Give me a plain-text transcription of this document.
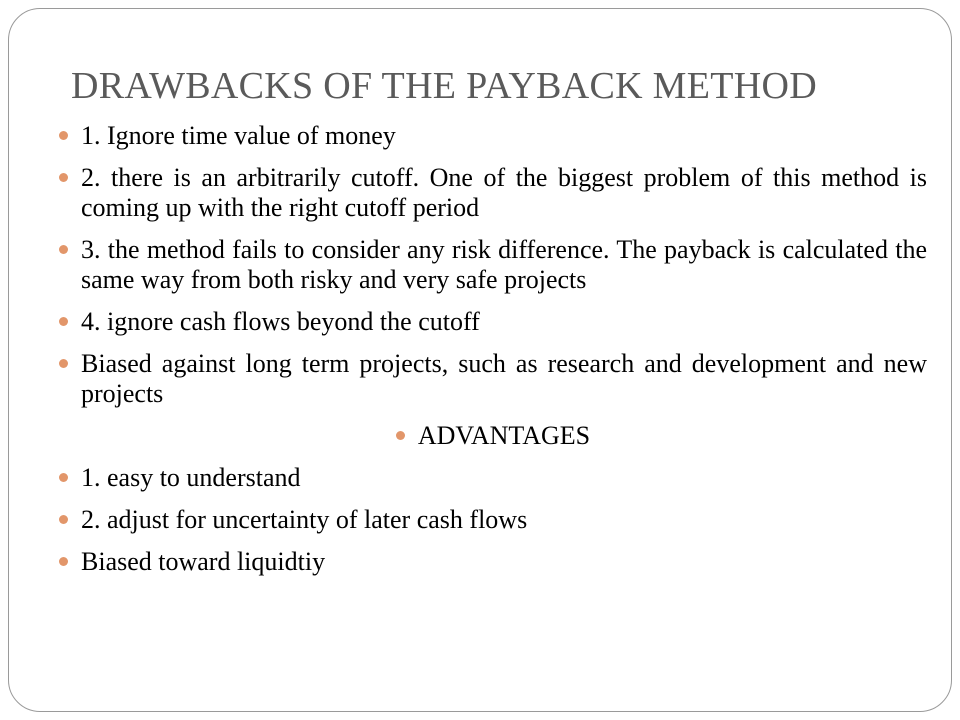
DRAWBACKS OF THE PAYBACK METHOD
1. Ignore time value of money
2. there is an arbitrarily cutoff. One of the biggest problem of this method is coming up with the right cutoff period
3. the method fails to consider any risk difference. The payback is calculated the same way from both risky and very safe projects
4. ignore cash flows beyond the cutoff
Biased against long term projects, such as research and development and new projects
ADVANTAGES
1. easy to understand
2. adjust for uncertainty of later cash flows
Biased toward liquidtiy
